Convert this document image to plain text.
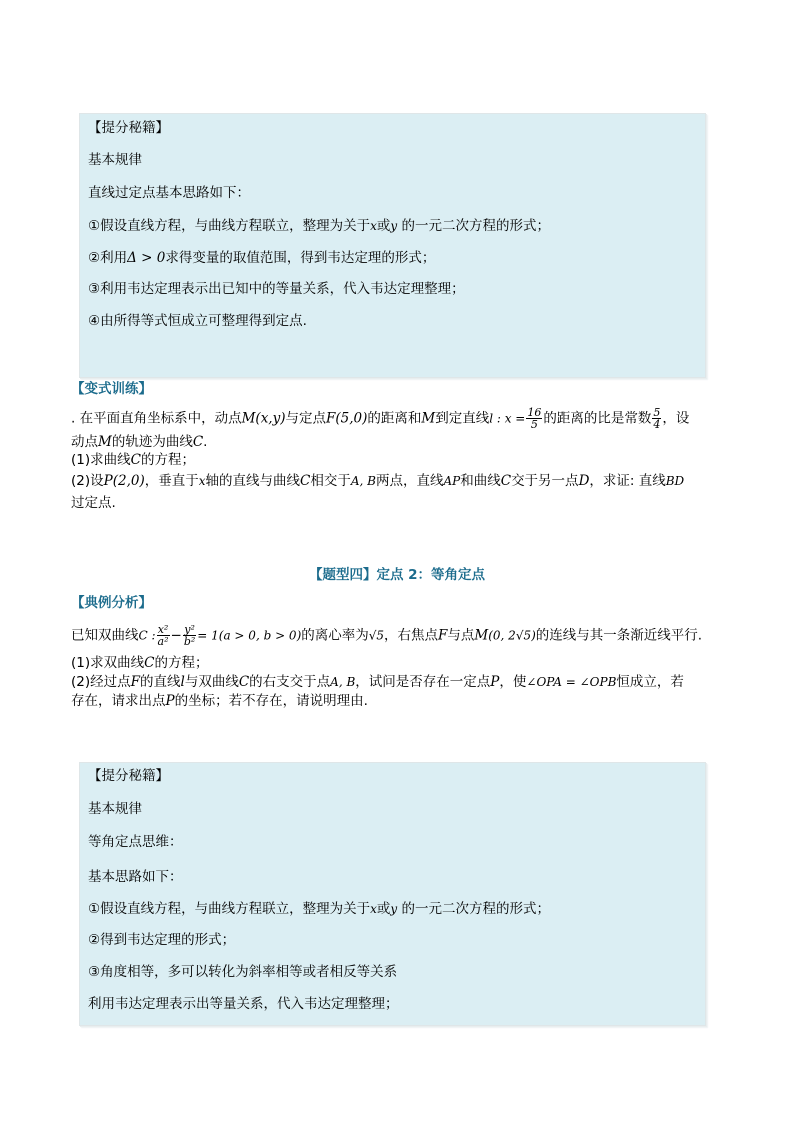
【提分秘籍】
基本规律
直线过定点基本思路如下：
①假设直线方程，与曲线方程联立，整理为关于x或y 的一元二次方程的形式；
②利用Δ > 0求得变量的取值范围，得到韦达定理的形式；
③利用韦达定理表示出已知中的等量关系，代入韦达定理整理；
④由所得等式恒成立可整理得到定点.
【变式训练】
. 在平面直角坐标系中，动点M(x,y)与定点F(5,0)的距离和M到定直线l : $x = \frac{16}{5}$ 的距离的比是常数 $\frac{5}{4}$ ，设
动点M的轨迹为曲线C.
(1)求曲线C的方程；
(2)设P(2,0)，垂直于x轴的直线与曲线C相交于A, B两点，直线AP和曲线C交于另一点D，求证: 直线BD
过定点.
【题型四】定点 2：等角定点
【典例分析】
已知双曲线C : $\frac{\text{x²}}{\text{a²}} - \frac{\text{y²}}{\text{b²}} = 1(a > 0$, b > 0)的离心率为√5，右焦点F与点M(0, 2√5)的连线与其一条渐近线平行.
(1)求双曲线C的方程；
(2)经过点F的直线l与双曲线C的右支交于点A, B，试问是否存在一定点P，使∠OPA = ∠OPB恒成立，若
存在，请求出点P的坐标；若不存在，请说明理由.
【提分秘籍】
基本规律
等角定点思维：
基本思路如下：
①假设直线方程，与曲线方程联立，整理为关于x或y 的一元二次方程的形式；
②得到韦达定理的形式；
③角度相等，多可以转化为斜率相等或者相反等关系
利用韦达定理表示出等量关系，代入韦达定理整理；
